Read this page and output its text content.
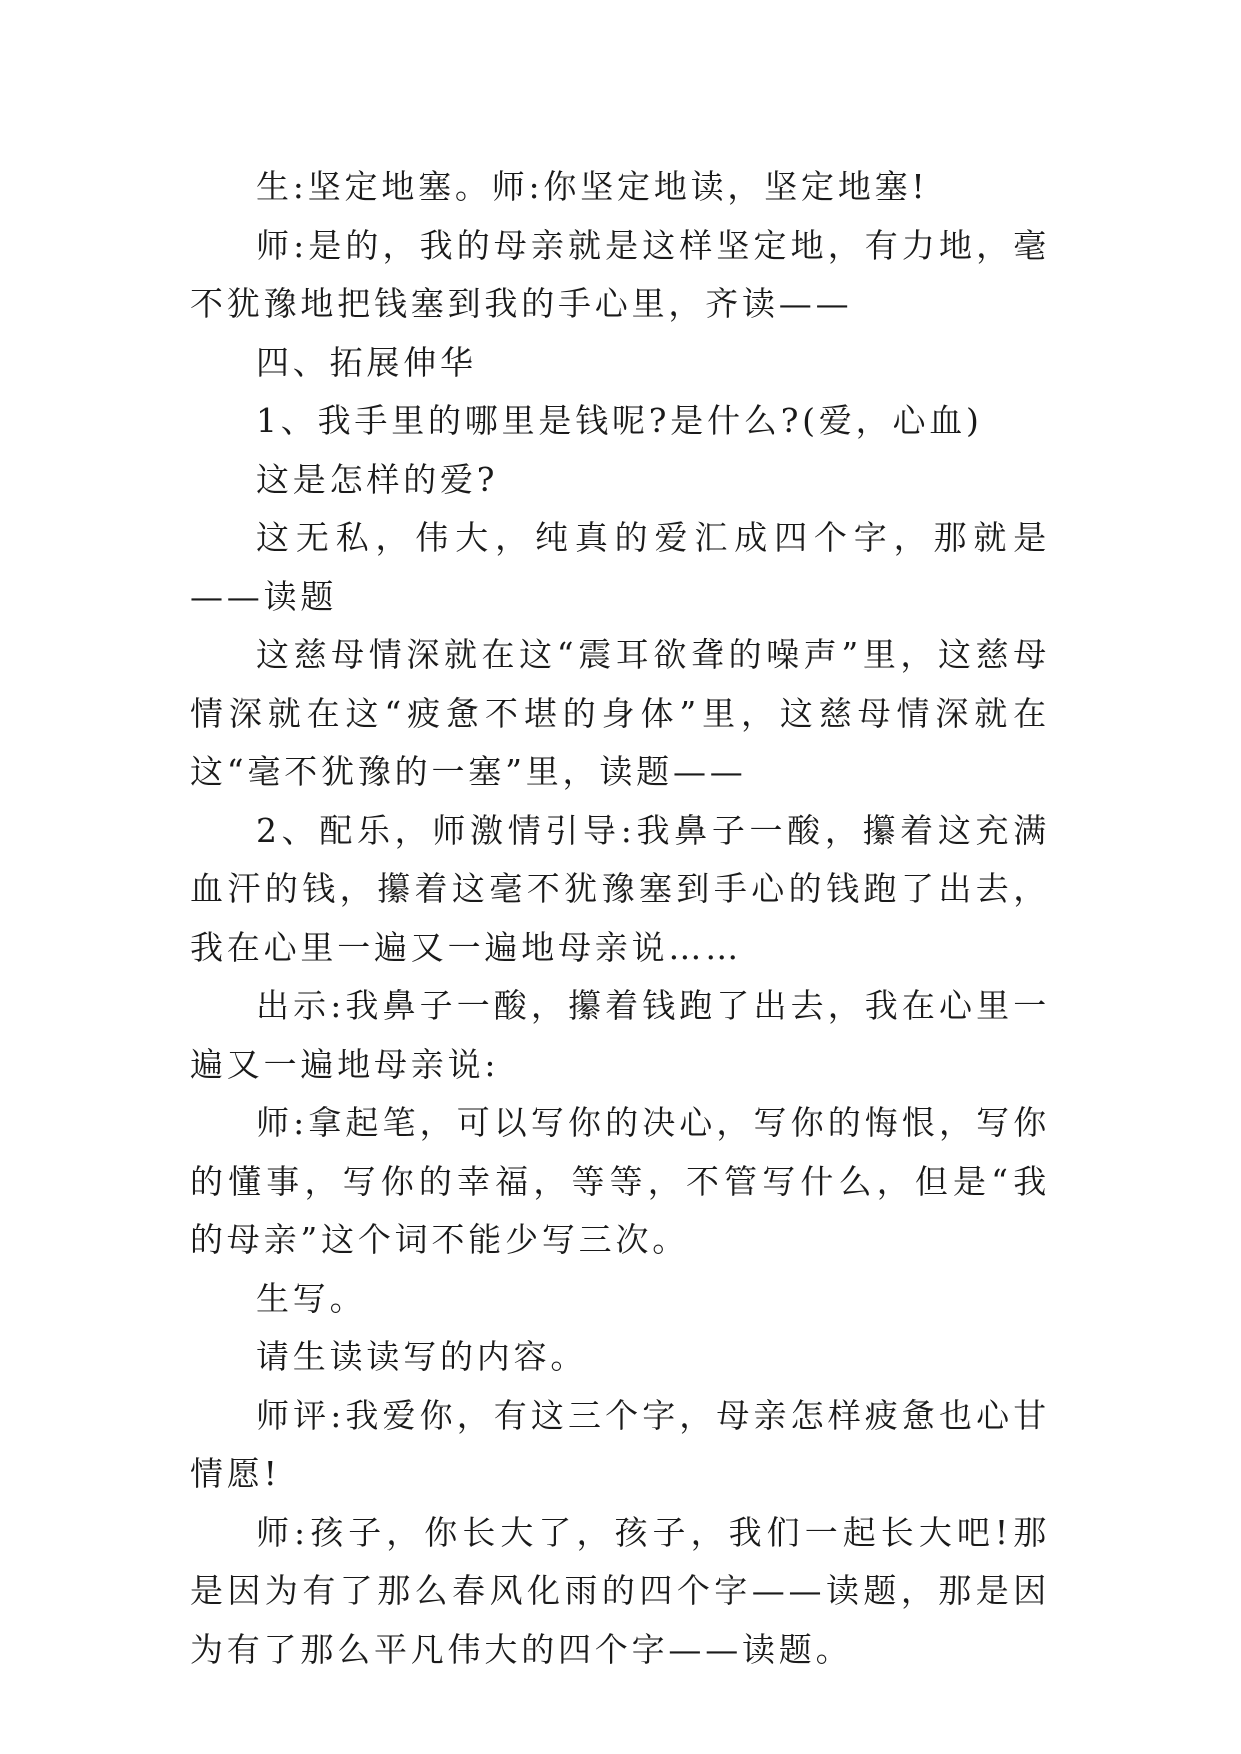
生:坚定地塞。师:你坚定地读，坚定地塞!

师:是的，我的母亲就是这样坚定地，有力地，毫不犹豫地把钱塞到我的手心里，齐读——

四、拓展伸华

1、我手里的哪里是钱呢?是什么?(爱，心血)

这是怎样的爱?

这无私，伟大，纯真的爱汇成四个字，那就是——读题

这慈母情深就在这“震耳欲聋的噪声”里，这慈母情深就在这“疲惫不堪的身体”里，这慈母情深就在这“毫不犹豫的一塞”里，读题——

2、配乐，师激情引导:我鼻子一酸，攥着这充满血汗的钱，攥着这毫不犹豫塞到手心的钱跑了出去，我在心里一遍又一遍地母亲说……

出示:我鼻子一酸，攥着钱跑了出去，我在心里一遍又一遍地母亲说:

师:拿起笔，可以写你的决心，写你的悔恨，写你的懂事，写你的幸福，等等，不管写什么，但是“我的母亲”这个词不能少写三次。

生写。

请生读读写的内容。

师评:我爱你，有这三个字，母亲怎样疲惫也心甘情愿!

师:孩子，你长大了，孩子，我们一起长大吧!那是因为有了那么春风化雨的四个字——读题，那是因为有了那么平凡伟大的四个字——读题。
